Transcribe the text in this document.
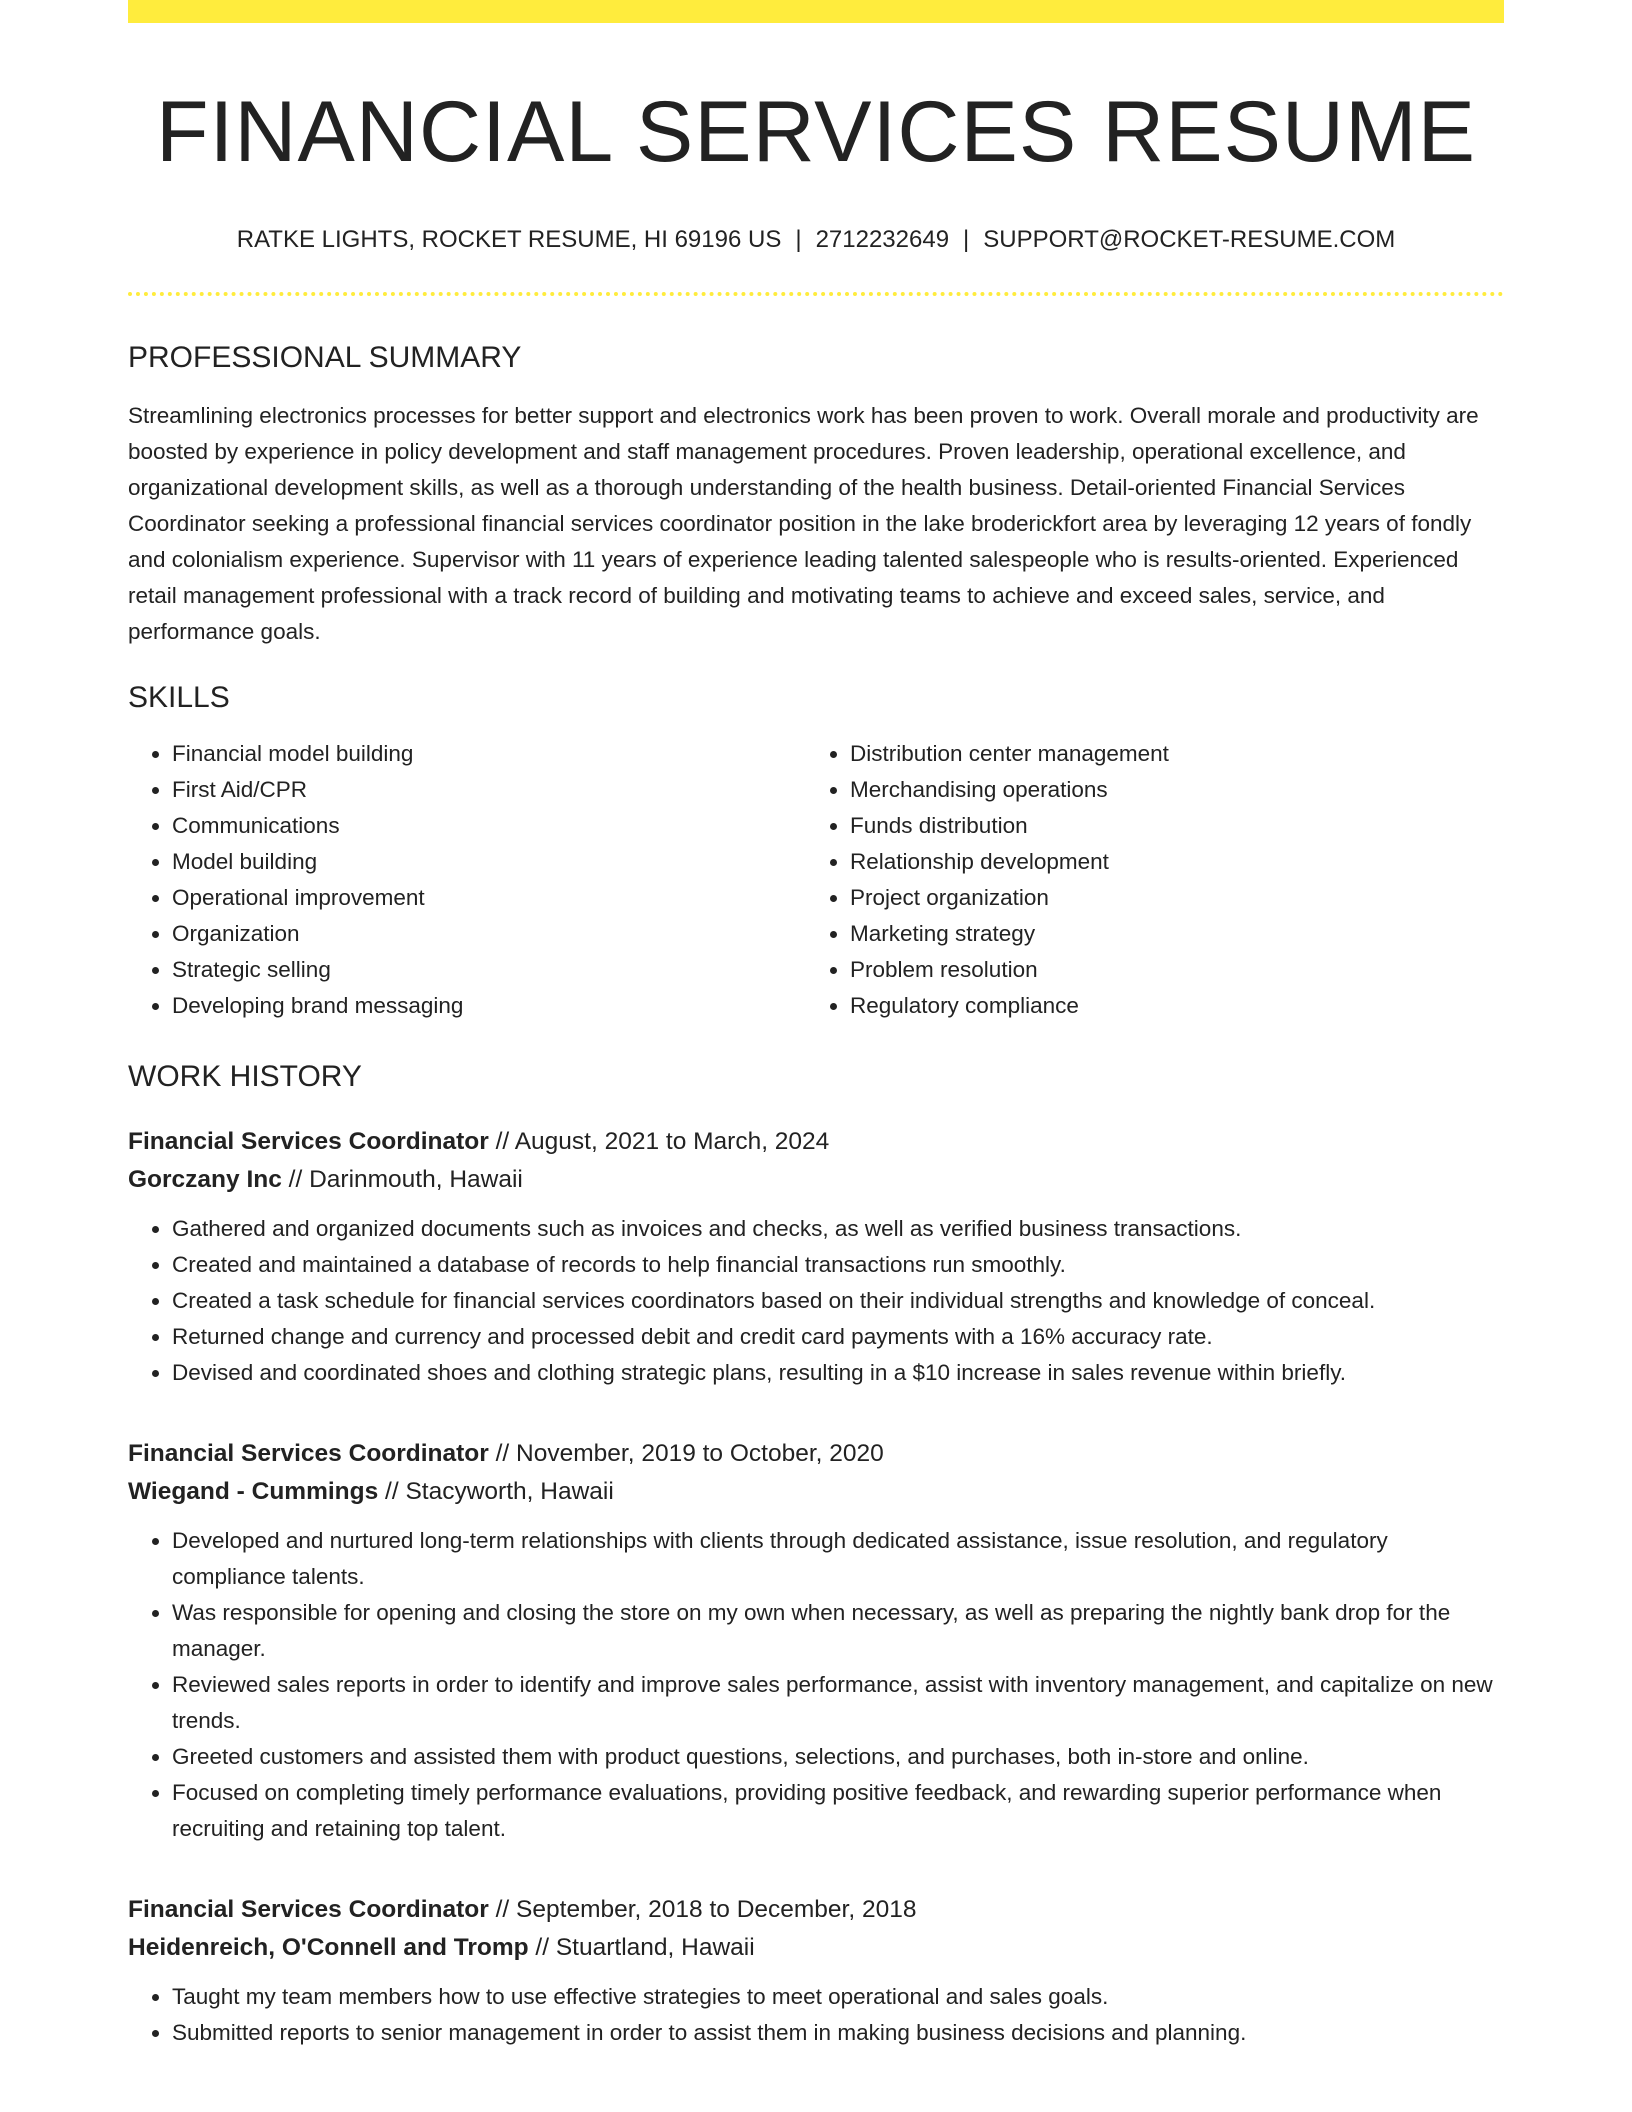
FINANCIAL SERVICES RESUME
RATKE LIGHTS, ROCKET RESUME, HI 69196 US | 2712232649 | SUPPORT@ROCKET-RESUME.COM
PROFESSIONAL SUMMARY

Streamlining electronics processes for better support and electronics work has been proven to work. Overall morale and productivity are boosted by experience in policy development and staff management procedures. Proven leadership, operational excellence, and organizational development skills, as well as a thorough understanding of the health business. Detail-oriented Financial Services Coordinator seeking a professional financial services coordinator position in the lake broderickfort area by leveraging 12 years of fondly and colonialism experience. Supervisor with 11 years of experience leading talented salespeople who is results-oriented. Experienced retail management professional with a track record of building and motivating teams to achieve and exceed sales, service, and performance goals.

SKILLS
• Financial model building
• First Aid/CPR
• Communications
• Model building
• Operational improvement
• Organization
• Strategic selling
• Developing brand messaging
• Distribution center management
• Merchandising operations
• Funds distribution
• Relationship development
• Project organization
• Marketing strategy
• Problem resolution
• Regulatory compliance
WORK HISTORY
Financial Services Coordinator // August, 2021 to March, 2024
Gorczany Inc // Darinmouth, Hawaii
• Gathered and organized documents such as invoices and checks, as well as verified business transactions.
• Created and maintained a database of records to help financial transactions run smoothly.
• Created a task schedule for financial services coordinators based on their individual strengths and knowledge of conceal.
• Returned change and currency and processed debit and credit card payments with a 16% accuracy rate.
• Devised and coordinated shoes and clothing strategic plans, resulting in a $10 increase in sales revenue within briefly.
Financial Services Coordinator // November, 2019 to October, 2020
Wiegand - Cummings // Stacyworth, Hawaii
• Developed and nurtured long-term relationships with clients through dedicated assistance, issue resolution, and regulatory compliance talents.
• Was responsible for opening and closing the store on my own when necessary, as well as preparing the nightly bank drop for the manager.
• Reviewed sales reports in order to identify and improve sales performance, assist with inventory management, and capitalize on new trends.
• Greeted customers and assisted them with product questions, selections, and purchases, both in-store and online.
• Focused on completing timely performance evaluations, providing positive feedback, and rewarding superior performance when recruiting and retaining top talent.
Financial Services Coordinator // September, 2018 to December, 2018
Heidenreich, O'Connell and Tromp // Stuartland, Hawaii
• Taught my team members how to use effective strategies to meet operational and sales goals.
• Submitted reports to senior management in order to assist them in making business decisions and planning.
